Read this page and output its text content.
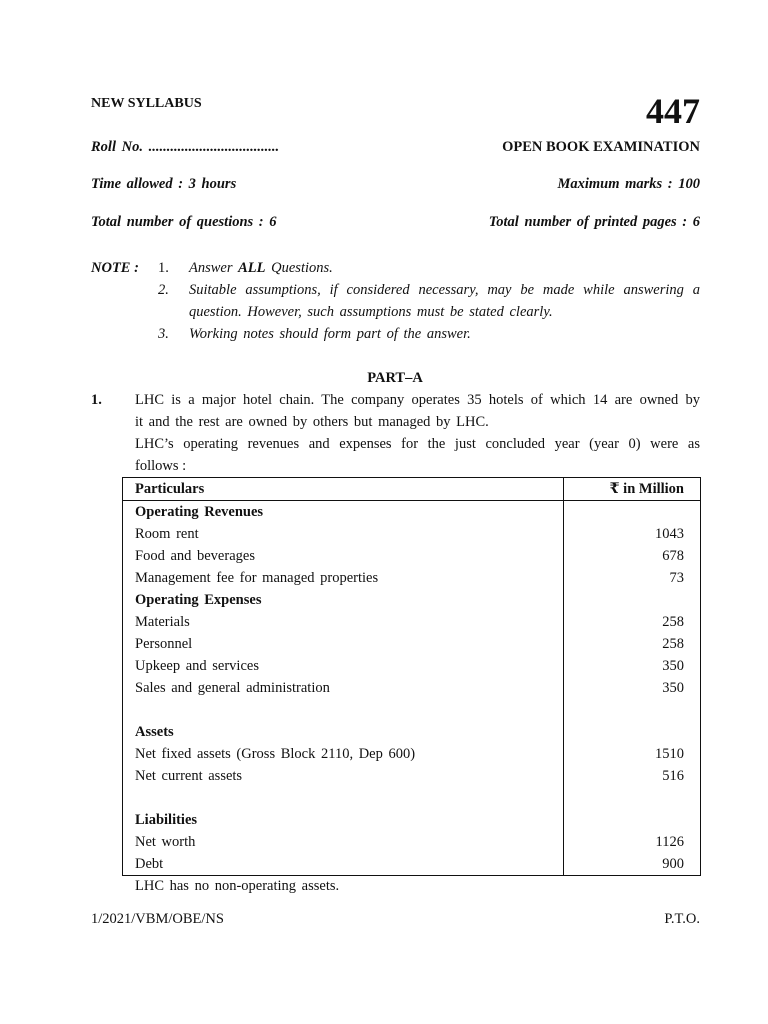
NEW SYLLABUS	447
Roll No. ....................................	OPEN BOOK EXAMINATION
Time allowed : 3 hours	Maximum marks : 100
Total number of questions : 6	Total number of printed pages : 6
NOTE : 1. Answer ALL Questions.
2. Suitable assumptions, if considered necessary, may be made while answering a
question. However, such assumptions must be stated clearly.
3. Working notes should form part of the answer.
PART–A
1. LHC is a major hotel chain. The company operates 35 hotels of which 14 are owned by
it and the rest are owned by others but managed by LHC.
LHC’s operating revenues and expenses for the just concluded year (year 0) were as
follows :
Particulars	₹ in Million
Operating Revenues	
Room rent	1043
Food and beverages	678
Management fee for managed properties	73
Operating Expenses	
Materials	258
Personnel	258
Upkeep and services	350
Sales and general administration	350

Assets	
Net fixed assets (Gross Block 2110, Dep 600)	1510
Net current assets	516

Liabilities	
Net worth	1126
Debt	900
LHC has no non-operating assets.
1/2021/VBM/OBE/NS	P.T.O.
